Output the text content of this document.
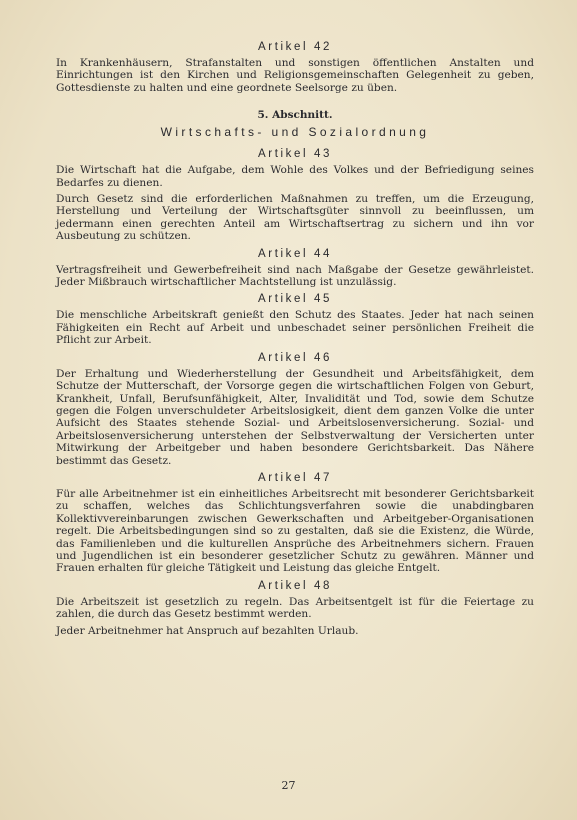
Artikel 42

In Krankenhäusern, Strafanstalten und sonstigen öffentlichen Anstalten und Einrichtungen ist den Kirchen und Religionsgemeinschaften Gelegenheit zu geben, Gottesdienste zu halten und eine geordnete Seelsorge zu üben.

5. Abschnitt.
Wirtschafts- und Sozialordnung
Artikel 43

Die Wirtschaft hat die Aufgabe, dem Wohle des Volkes und der Befriedigung seines Bedarfes zu dienen.

Durch Gesetz sind die erforderlichen Maßnahmen zu treffen, um die Erzeugung, Herstellung und Verteilung der Wirtschaftsgüter sinnvoll zu beeinflussen, um jedermann einen gerechten Anteil am Wirtschaftsertrag zu sichern und ihn vor Ausbeutung zu schützen.

Artikel 44

Vertragsfreiheit und Gewerbefreiheit sind nach Maßgabe der Gesetze gewährleistet. Jeder Mißbrauch wirtschaftlicher Machtstellung ist unzulässig.

Artikel 45

Die menschliche Arbeitskraft genießt den Schutz des Staates. Jeder hat nach seinen Fähigkeiten ein Recht auf Arbeit und unbeschadet seiner persönlichen Freiheit die Pflicht zur Arbeit.

Artikel 46

Der Erhaltung und Wiederherstellung der Gesundheit und Arbeitsfähigkeit, dem Schutze der Mutterschaft, der Vorsorge gegen die wirtschaftlichen Folgen von Geburt, Krankheit, Unfall, Berufsunfähigkeit, Alter, Invalidität und Tod, sowie dem Schutze gegen die Folgen unverschuldeter Arbeitslosigkeit, dient dem ganzen Volke die unter Aufsicht des Staates stehende Sozial- und Arbeitslosenversicherung. Sozial- und Arbeitslosenversicherung unterstehen der Selbstverwaltung der Versicherten unter Mitwirkung der Arbeitgeber und haben besondere Gerichtsbarkeit. Das Nähere bestimmt das Gesetz.

Artikel 47

Für alle Arbeitnehmer ist ein einheitliches Arbeitsrecht mit besonderer Gerichtsbarkeit zu schaffen, welches das Schlichtungsverfahren sowie die unabdingbaren Kollektivvereinbarungen zwischen Gewerkschaften und Arbeitgeber-Organisationen regelt. Die Arbeitsbedingungen sind so zu gestalten, daß sie die Existenz, die Würde, das Familienleben und die kulturellen Ansprüche des Arbeitnehmers sichern. Frauen und Jugendlichen ist ein besonderer gesetzlicher Schutz zu gewähren. Männer und Frauen erhalten für gleiche Tätigkeit und Leistung das gleiche Entgelt.

Artikel 48

Die Arbeitszeit ist gesetzlich zu regeln. Das Arbeitsentgelt ist für die Feiertage zu zahlen, die durch das Gesetz bestimmt werden.

Jeder Arbeitnehmer hat Anspruch auf bezahlten Urlaub.

27
